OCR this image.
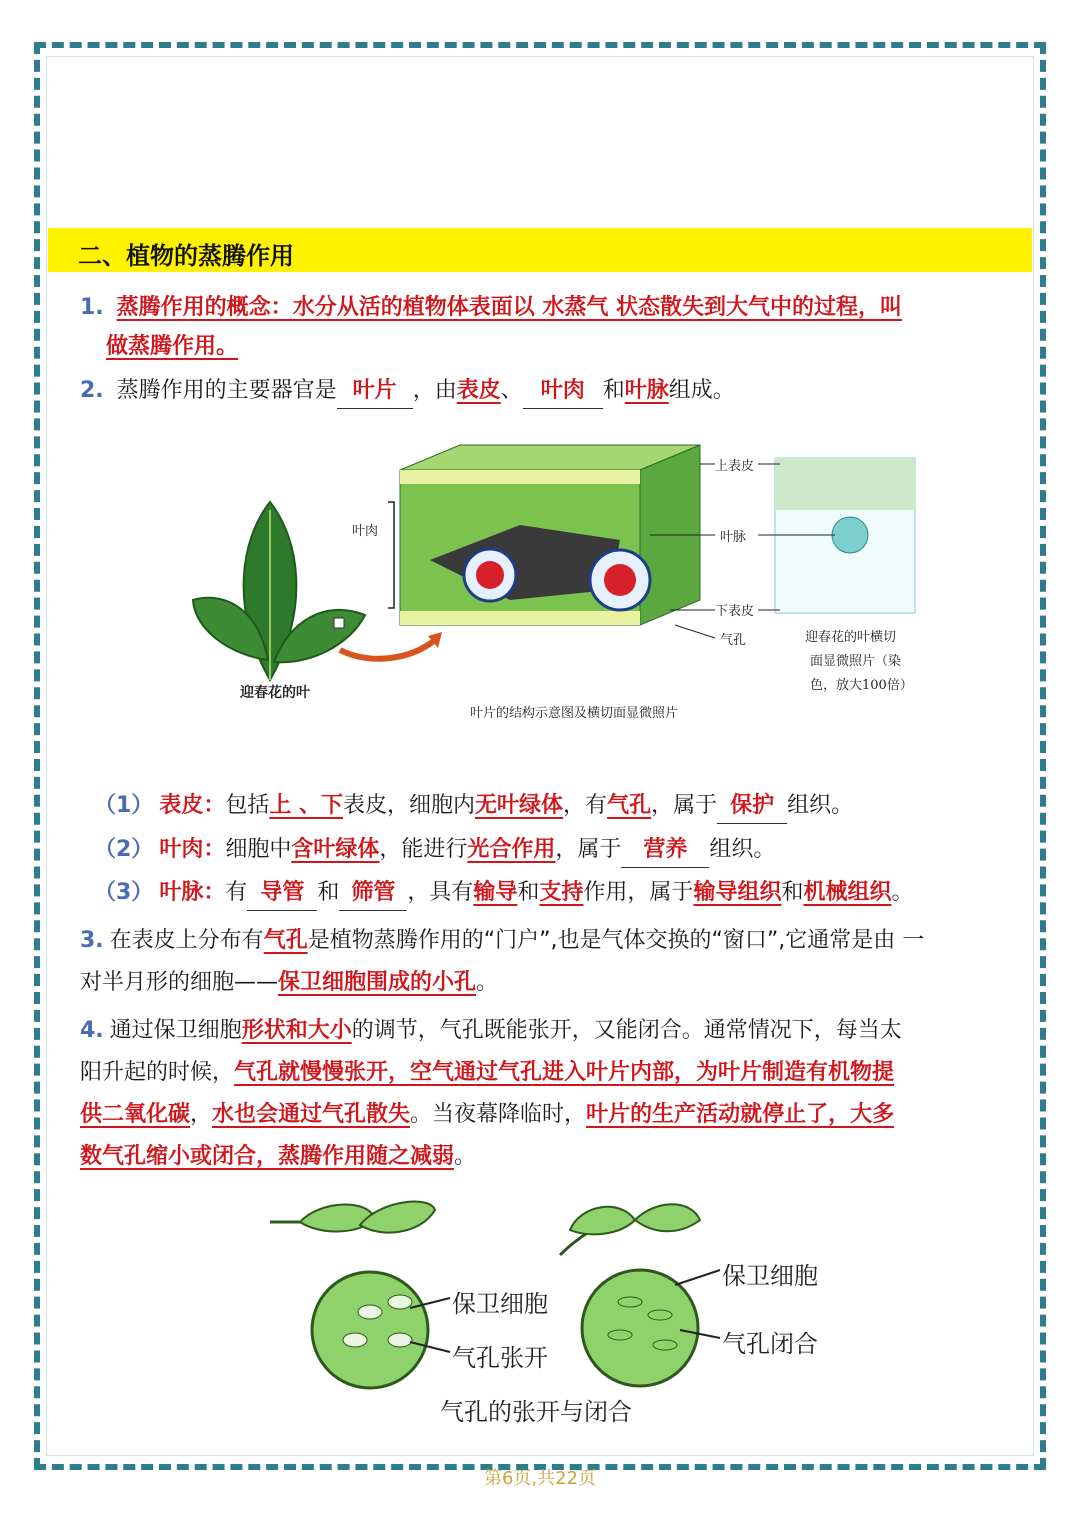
二、植物的蒸腾作用
1. 蒸腾作用的概念：水分从活的植物体表面以 水蒸气 状态散失到大气中的过程，叫
做蒸腾作用。
2. 蒸腾作用的主要器官是 叶片 ，由表皮、 叶肉 和叶脉组成。
叶肉
上表皮
叶脉
下表皮
气孔	迎春花的叶横切
面显微照片（染
色，放大100倍）
迎春花的叶
叶片的结构示意图及横切面显微照片
（1） 表皮：包括上 、下表皮，细胞内无叶绿体，有气孔，属于 保护 组织。
（2） 叶肉：细胞中含叶绿体，能进行光合作用，属于 营养 组织。
（3） 叶脉：有 导管 和 筛管 ，具有输导和支持作用，属于输导组织和机械组织。
3. 在表皮上分布有气孔是植物蒸腾作用的“门户”,也是气体交换的“窗口”,它通常是由 一
对半月形的细胞——保卫细胞围成的小孔。
4. 通过保卫细胞形状和大小的调节，气孔既能张开，又能闭合。通常情况下，每当太
阳升起的时候，气孔就慢慢张开，空气通过气孔进入叶片内部，为叶片制造有机物提
供二氧化碳，水也会通过气孔散失。当夜幕降临时，叶片的生产活动就停止了，大多
数气孔缩小或闭合，蒸腾作用随之减弱。
保卫细胞
气孔张开
保卫细胞
气孔闭合
气孔的张开与闭合
第6页,共22页
